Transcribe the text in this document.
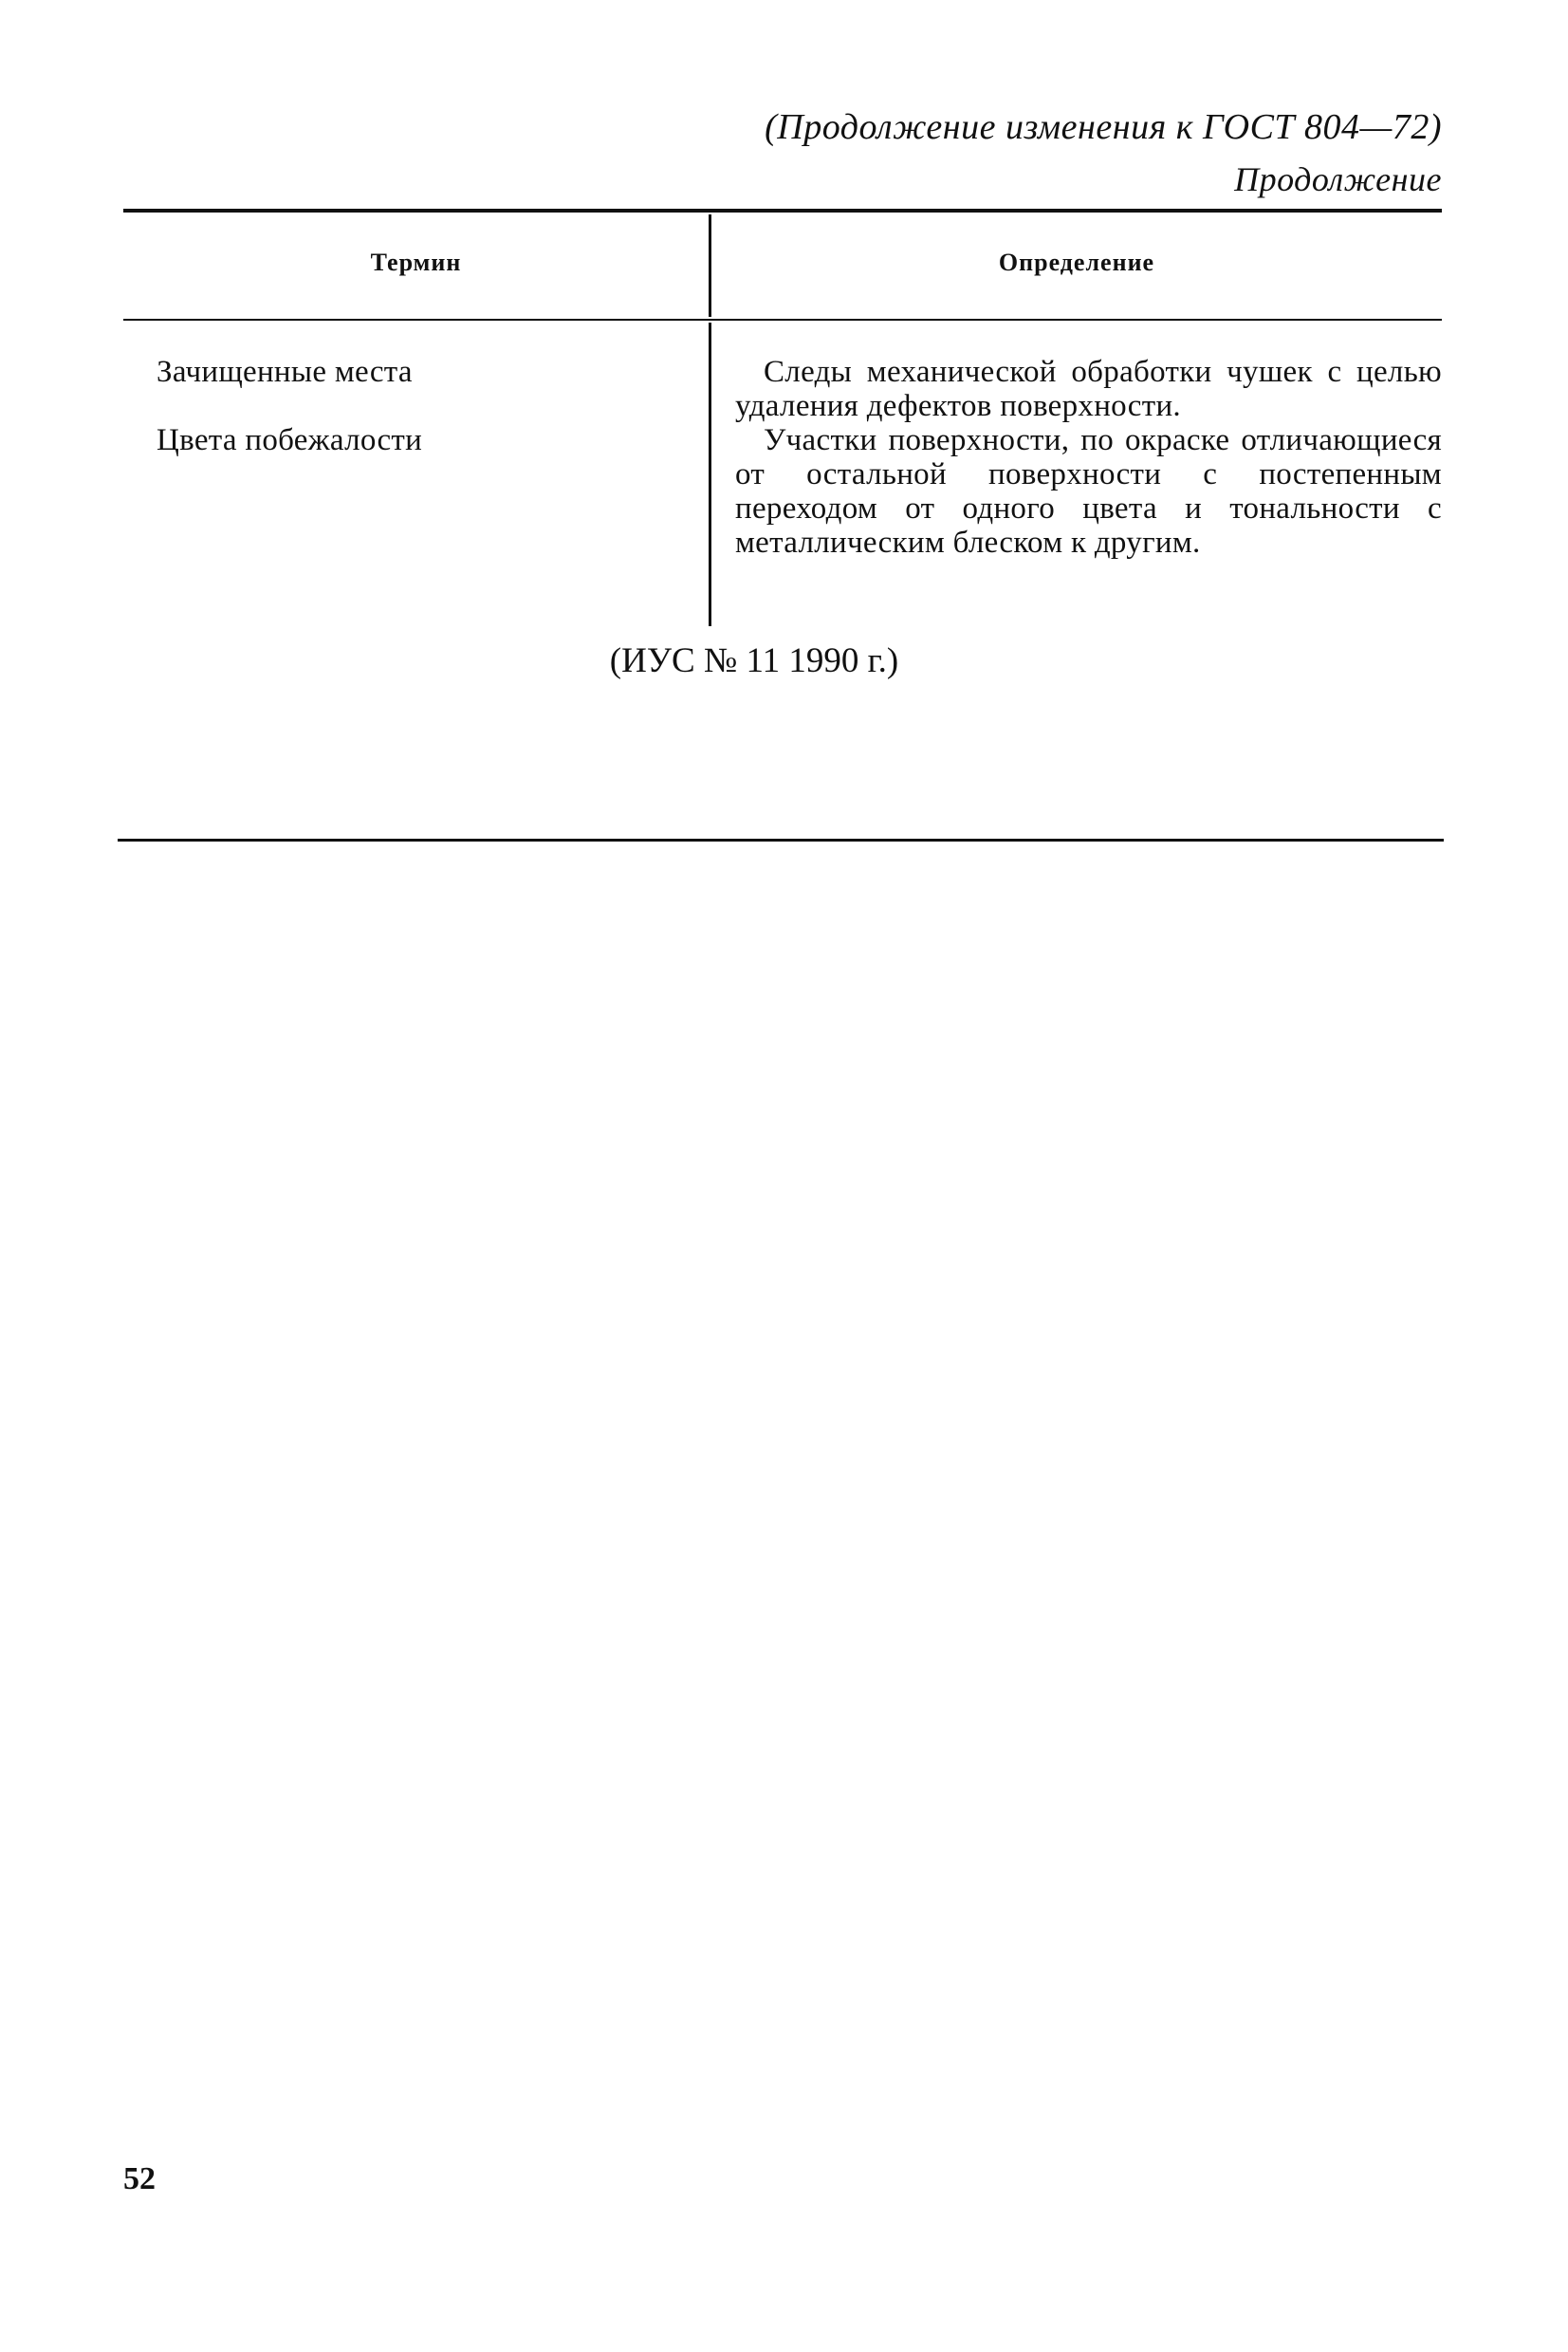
(Продолжение изменения к ГОСТ 804—72)
Продолжение
Термин	Определение
Зачищенные места	Следы механической обработки чушек с целью удаления дефектов поверхности.
Цвета побежалости	Участки поверхности, по окраске отличающиеся от остальной поверхности с постепенным переходом от одного цвета и тональности с металлическим блеском к другим.
(ИУС № 11 1990 г.)
52
